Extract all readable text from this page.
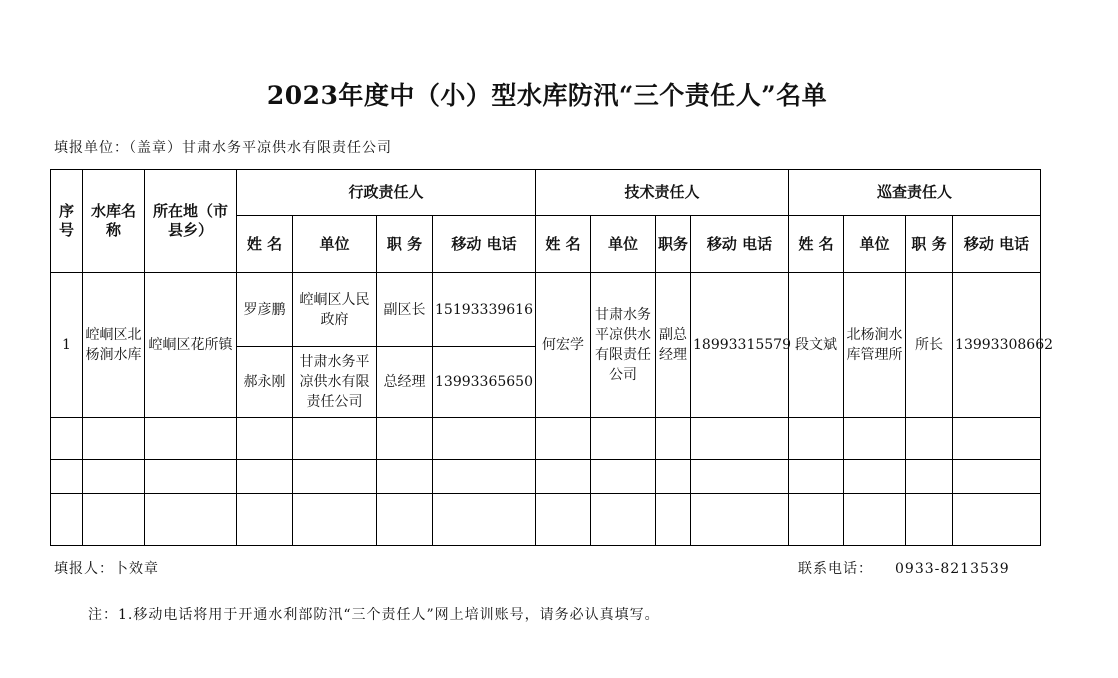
2023年度中（小）型水库防汛“三个责任人”名单
填报单位：（盖章）甘肃水务平凉供水有限责任公司
序号	水库名称	所在地（市县乡）	行政责任人				技术责任人				巡查责任人			
			姓 名	单位	职 务	移动 电话	姓 名	单位	职务	移动 电话	姓 名	单位	职 务	移动 电话
1	崆峒区北杨涧水库	崆峒区花所镇	罗彦鹏	崆峒区人民政府	副区长	15193339616	何宏学	甘肃水务平凉供水有限责任公司	副总经理	18993315579	段文斌	北杨涧水库管理所	所长	13993308662
			郝永刚	甘肃水务平凉供水有限责任公司	总经理	13993365650								

填报人：卜效章	联系电话： 0933-8213539
注：1.移动电话将用于开通水利部防汛“三个责任人”网上培训账号，请务必认真填写。
